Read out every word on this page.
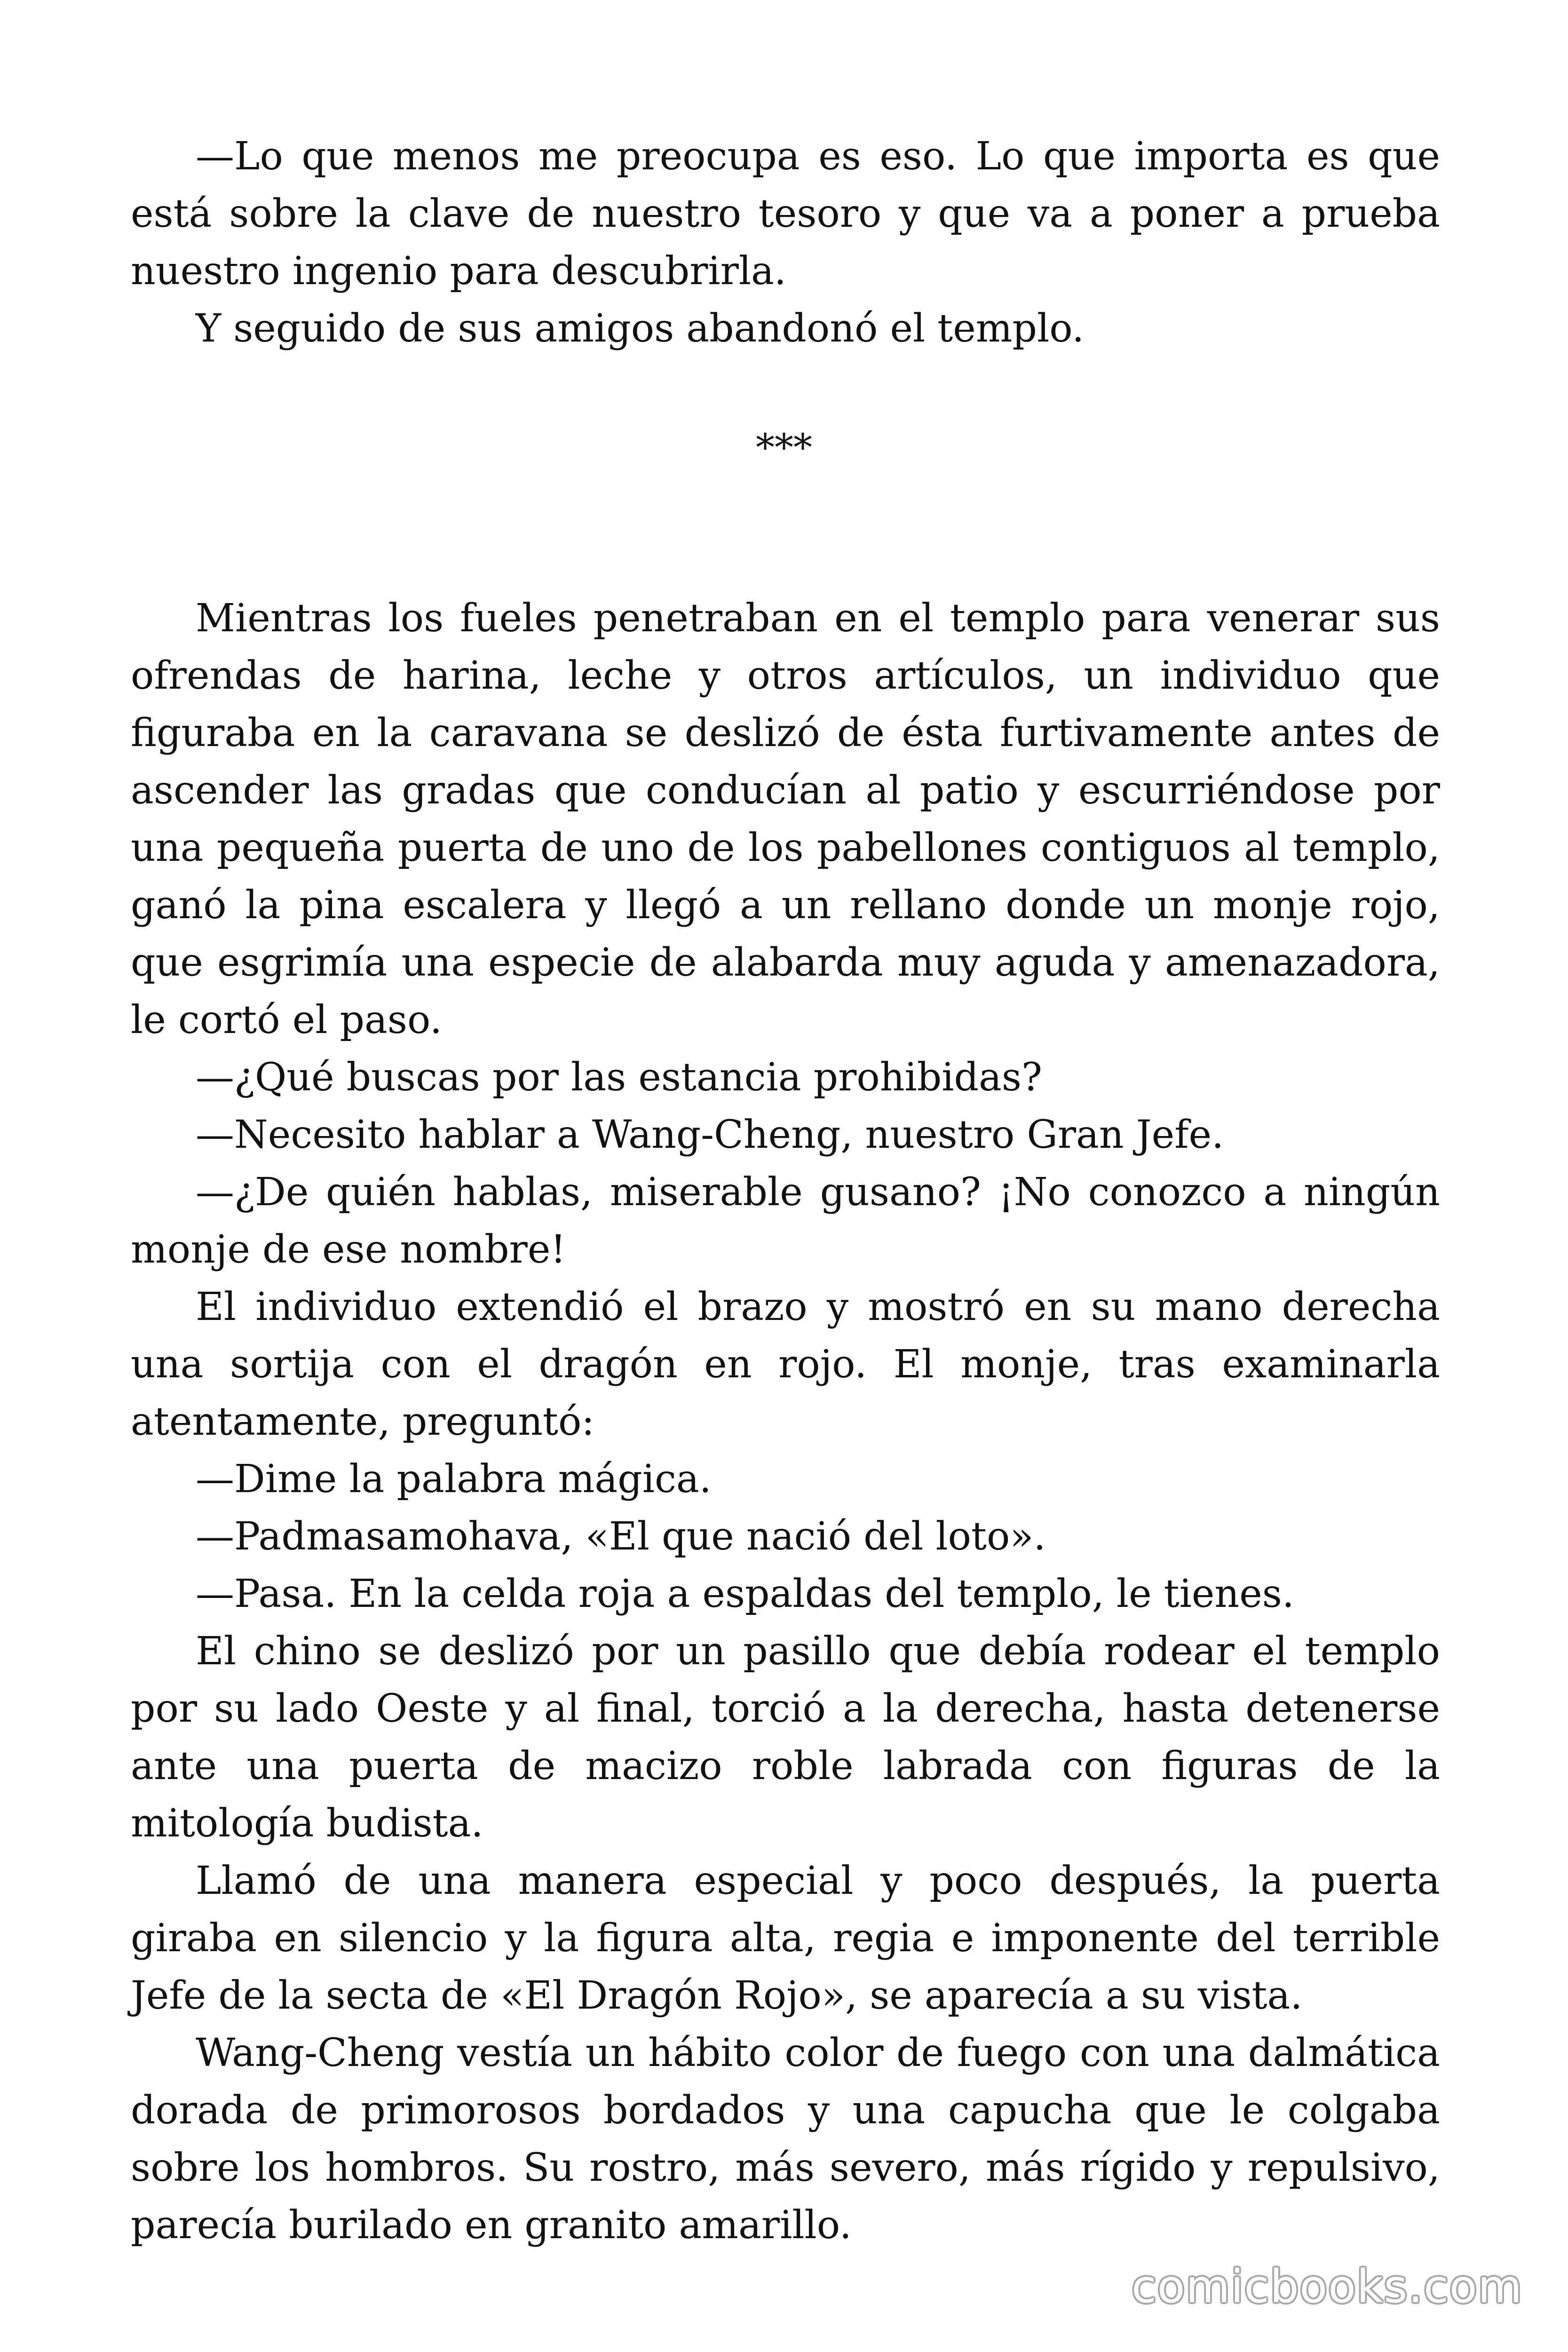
—Lo que menos me preocupa es eso. Lo que importa es que está sobre la clave de nuestro tesoro y que va a poner a prueba nuestro ingenio para descubrirla.

Y seguido de sus amigos abandonó el templo.

***

Mientras los fueles penetraban en el templo para venerar sus ofrendas de harina, leche y otros artículos, un individuo que figuraba en la caravana se deslizó de ésta furtivamente antes de ascender las gradas que conducían al patio y escurriéndose por una pequeña puerta de uno de los pabellones contiguos al templo, ganó la pina escalera y llegó a un rellano donde un monje rojo, que esgrimía una especie de alabarda muy aguda y amenazadora, le cortó el paso.

—¿Qué buscas por las estancia prohibidas?

—Necesito hablar a Wang-Cheng, nuestro Gran Jefe.

—¿De quién hablas, miserable gusano? ¡No conozco a ningún monje de ese nombre!

El individuo extendió el brazo y mostró en su mano derecha una sortija con el dragón en rojo. El monje, tras examinarla atentamente, preguntó:

—Dime la palabra mágica.

—Padmasamohava, «El que nació del loto».

—Pasa. En la celda roja a espaldas del templo, le tienes.

El chino se deslizó por un pasillo que debía rodear el templo por su lado Oeste y al final, torció a la derecha, hasta detenerse ante una puerta de macizo roble labrada con figuras de la mitología budista.

Llamó de una manera especial y poco después, la puerta giraba en silencio y la figura alta, regia e imponente del terrible Jefe de la secta de «El Dragón Rojo», se aparecía a su vista.

Wang-Cheng vestía un hábito color de fuego con una dalmática dorada de primorosos bordados y una capucha que le colgaba sobre los hombros. Su rostro, más severo, más rígido y repulsivo, parecía burilado en granito amarillo.

comicbooks.com
